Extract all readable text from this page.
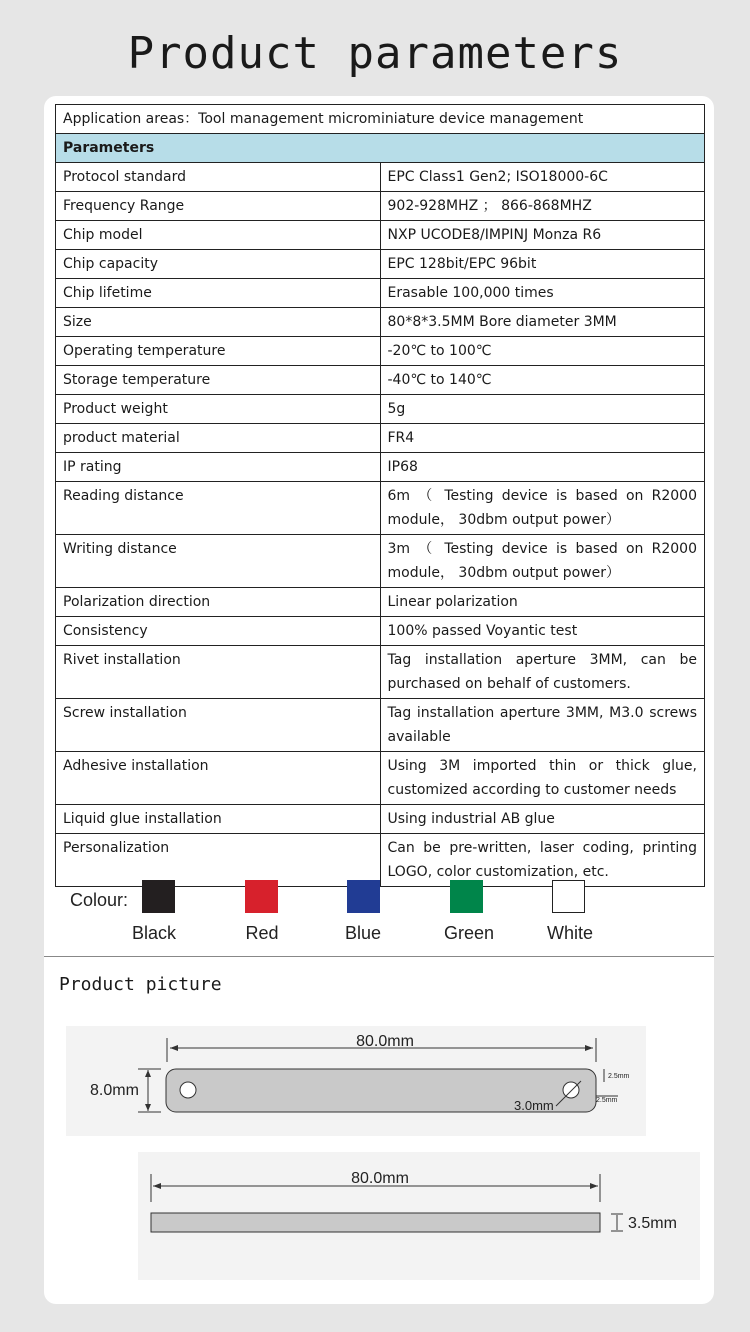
Product parameters
Application areas：Tool management microminiature device management	
Parameters	
Protocol standard	EPC Class1 Gen2; ISO18000-6C
Frequency Range	902-928MHZ ； 866-868MHZ
Chip model	NXP UCODE8/IMPINJ Monza R6
Chip capacity	EPC 128bit/EPC 96bit
Chip lifetime	Erasable 100,000 times
Size	80*8*3.5MM Bore diameter 3MM
Operating temperature	-20℃ to 100℃
Storage temperature	-40℃ to 140℃
Product weight	5g
product material	FR4
IP rating	IP68
Reading distance	6m （ Testing device is based on R2000 module， 30dbm output power）
Writing distance	3m （ Testing device is based on R2000 module， 30dbm output power）
Polarization direction	Linear polarization
Consistency	100% passed Voyantic test
Rivet installation	Tag installation aperture 3MM, can be purchased on behalf of customers.
Screw installation	Tag installation aperture 3MM, M3.0 screws available
Adhesive installation	Using 3M imported thin or thick glue, customized according to customer needs
Liquid glue installation	Using industrial AB glue
Personalization	Can be pre-written, laser coding, printing LOGO, color customization, etc.
Colour:
Black	Red	Blue	Green	White
Product picture
80.0mm
8.0mm
3.0mm
2.5mm
2.5mm
80.0mm
3.5mm
